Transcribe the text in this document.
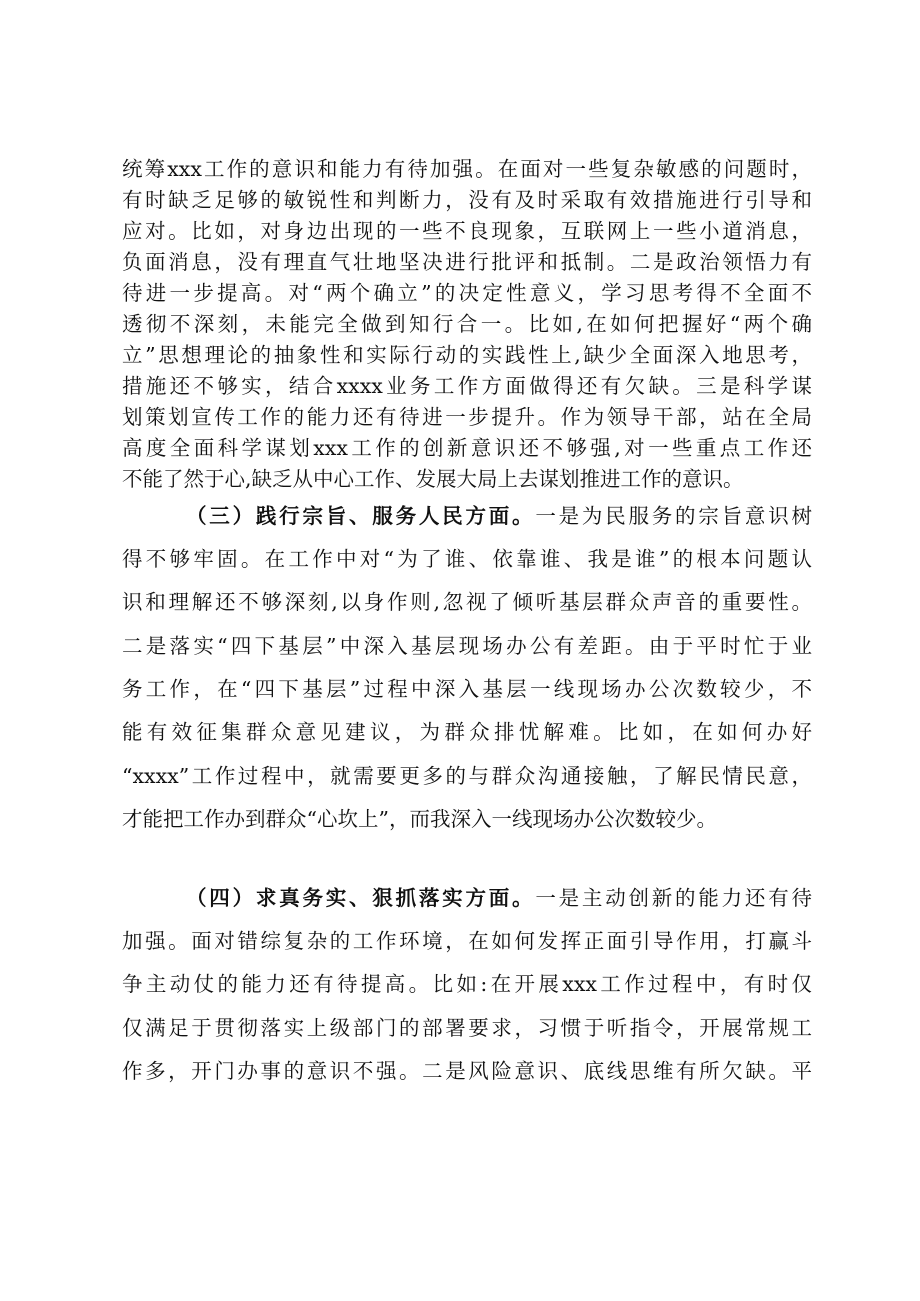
统筹xxx工作的意识和能力有待加强。在面对一些复杂敏感的问题时，
有时缺乏足够的敏锐性和判断力，没有及时采取有效措施进行引导和
应对。比如，对身边出现的一些不良现象，互联网上一些小道消息，
负面消息，没有理直气壮地坚决进行批评和抵制。二是政治领悟力有
待进一步提高。对“两个确立”的决定性意义，学习思考得不全面不
透彻不深刻，未能完全做到知行合一。比如,在如何把握好“两个确
立”思想理论的抽象性和实际行动的实践性上,缺少全面深入地思考，
措施还不够实，结合xxxx业务工作方面做得还有欠缺。三是科学谋
划策划宣传工作的能力还有待进一步提升。作为领导干部，站在全局
高度全面科学谋划xxx工作的创新意识还不够强,对一些重点工作还
不能了然于心,缺乏从中心工作、发展大局上去谋划推进工作的意识。
（三）践行宗旨、服务人民方面。一是为民服务的宗旨意识树
得不够牢固。在工作中对“为了谁、依靠谁、我是谁”的根本问题认
识和理解还不够深刻,以身作则,忽视了倾听基层群众声音的重要性。
二是落实“四下基层”中深入基层现场办公有差距。由于平时忙于业
务工作，在“四下基层”过程中深入基层一线现场办公次数较少，不
能有效征集群众意见建议，为群众排忧解难。比如，在如何办好
“xxxx”工作过程中，就需要更多的与群众沟通接触，了解民情民意，
才能把工作办到群众“心坎上”，而我深入一线现场办公次数较少。
（四）求真务实、狠抓落实方面。一是主动创新的能力还有待
加强。面对错综复杂的工作环境，在如何发挥正面引导作用，打赢斗
争主动仗的能力还有待提高。比如:在开展xxx工作过程中，有时仅
仅满足于贯彻落实上级部门的部署要求，习惯于听指令，开展常规工
作多，开门办事的意识不强。二是风险意识、底线思维有所欠缺。平
